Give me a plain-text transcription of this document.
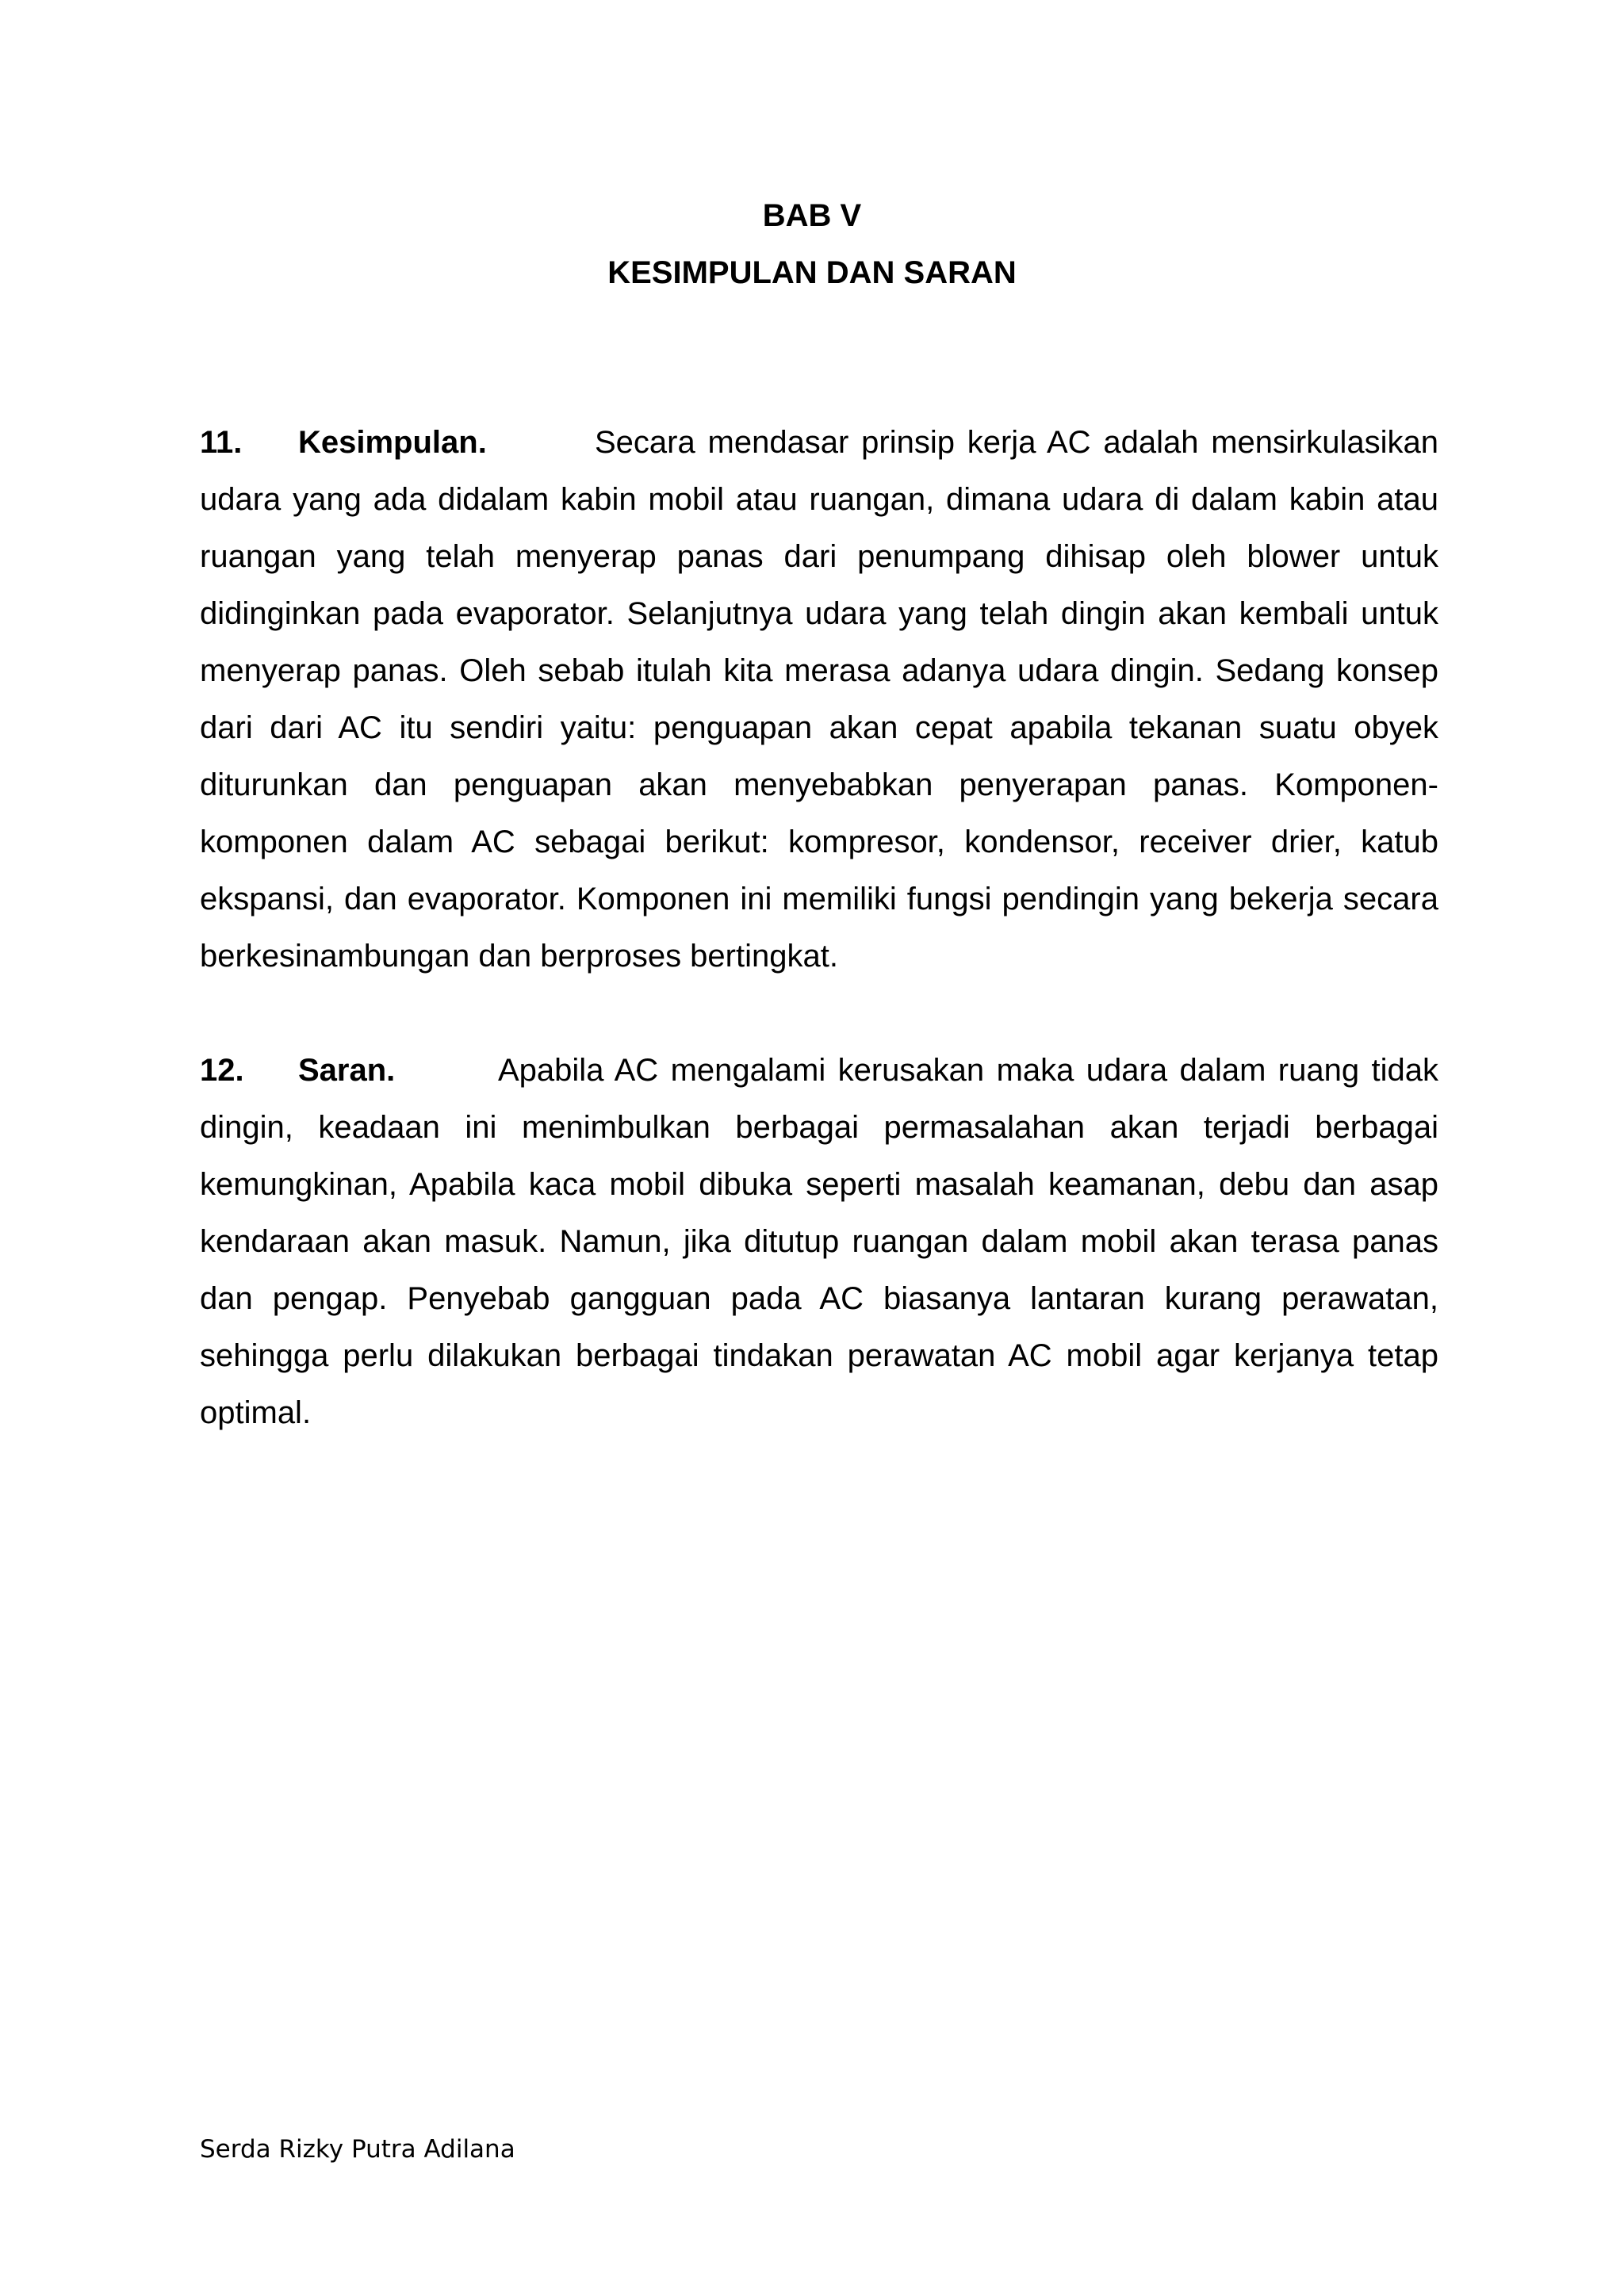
BAB V
KESIMPULAN DAN SARAN

11. Kesimpulan.	Secara mendasar prinsip kerja AC adalah mensirkulasikan udara yang ada didalam kabin mobil atau ruangan, dimana udara di dalam kabin atau ruangan yang telah menyerap panas dari penumpang dihisap oleh blower untuk didinginkan pada evaporator. Selanjutnya udara yang telah dingin akan kembali untuk menyerap panas. Oleh sebab itulah kita merasa adanya udara dingin. Sedang konsep dari dari AC itu sendiri yaitu: penguapan akan cepat apabila tekanan suatu obyek diturunkan dan penguapan akan menyebabkan penyerapan panas. Komponen-komponen dalam AC sebagai berikut: kompresor, kondensor, receiver drier, katub ekspansi, dan evaporator. Komponen ini memiliki fungsi pendingin yang bekerja secara berkesinambungan dan berproses bertingkat.

12. Saran.	Apabila AC mengalami kerusakan maka udara dalam ruang tidak dingin, keadaan ini menimbulkan berbagai permasalahan akan terjadi berbagai kemungkinan, Apabila kaca mobil dibuka seperti masalah keamanan, debu dan asap kendaraan akan masuk. Namun, jika ditutup ruangan dalam mobil akan terasa panas dan pengap. Penyebab gangguan pada AC biasanya lantaran kurang perawatan, sehingga perlu dilakukan berbagai tindakan perawatan AC mobil agar kerjanya tetap optimal.

Serda Rizky Putra Adilana
